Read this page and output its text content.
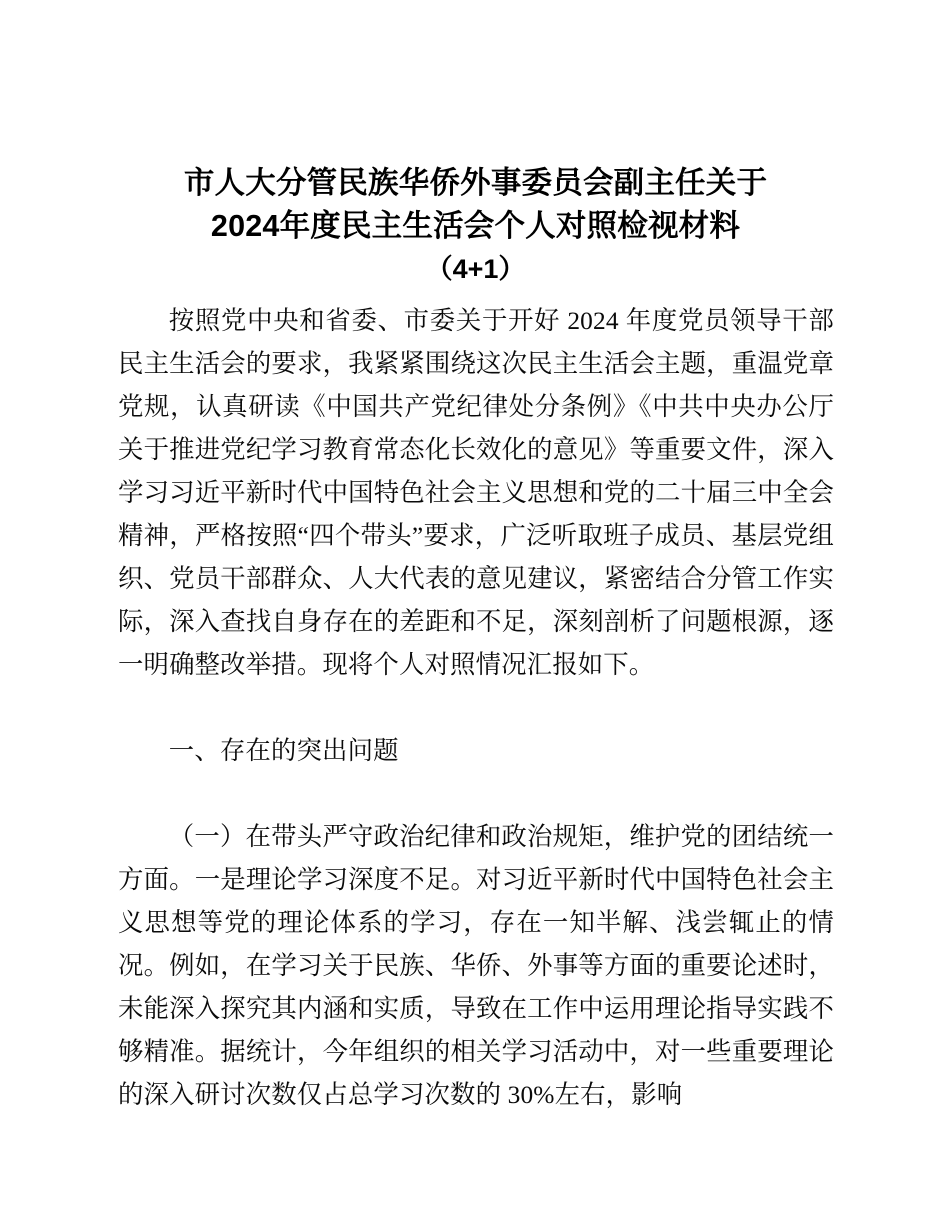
市人大分管民族华侨外事委员会副主任关于
2024年度民主生活会个人对照检视材料
（4+1）

按照党中央和省委、市委关于开好 2024 年度党员领导干部民主生活会的要求，我紧紧围绕这次民主生活会主题，重温党章党规，认真研读《中国共产党纪律处分条例》《中共中央办公厅关于推进党纪学习教育常态化长效化的意见》等重要文件，深入学习习近平新时代中国特色社会主义思想和党的二十届三中全会精神，严格按照“四个带头”要求，广泛听取班子成员、基层党组织、党员干部群众、人大代表的意见建议，紧密结合分管工作实际，深入查找自身存在的差距和不足，深刻剖析了问题根源，逐一明确整改举措。现将个人对照情况汇报如下。

一、存在的突出问题

（一）在带头严守政治纪律和政治规矩，维护党的团结统一方面。一是理论学习深度不足。对习近平新时代中国特色社会主义思想等党的理论体系的学习，存在一知半解、浅尝辄止的情况。例如，在学习关于民族、华侨、外事等方面的重要论述时，未能深入探究其内涵和实质，导致在工作中运用理论指导实践不够精准。据统计，今年组织的相关学习活动中，对一些重要理论的深入研讨次数仅占总学习次数的 30%左右，影响
